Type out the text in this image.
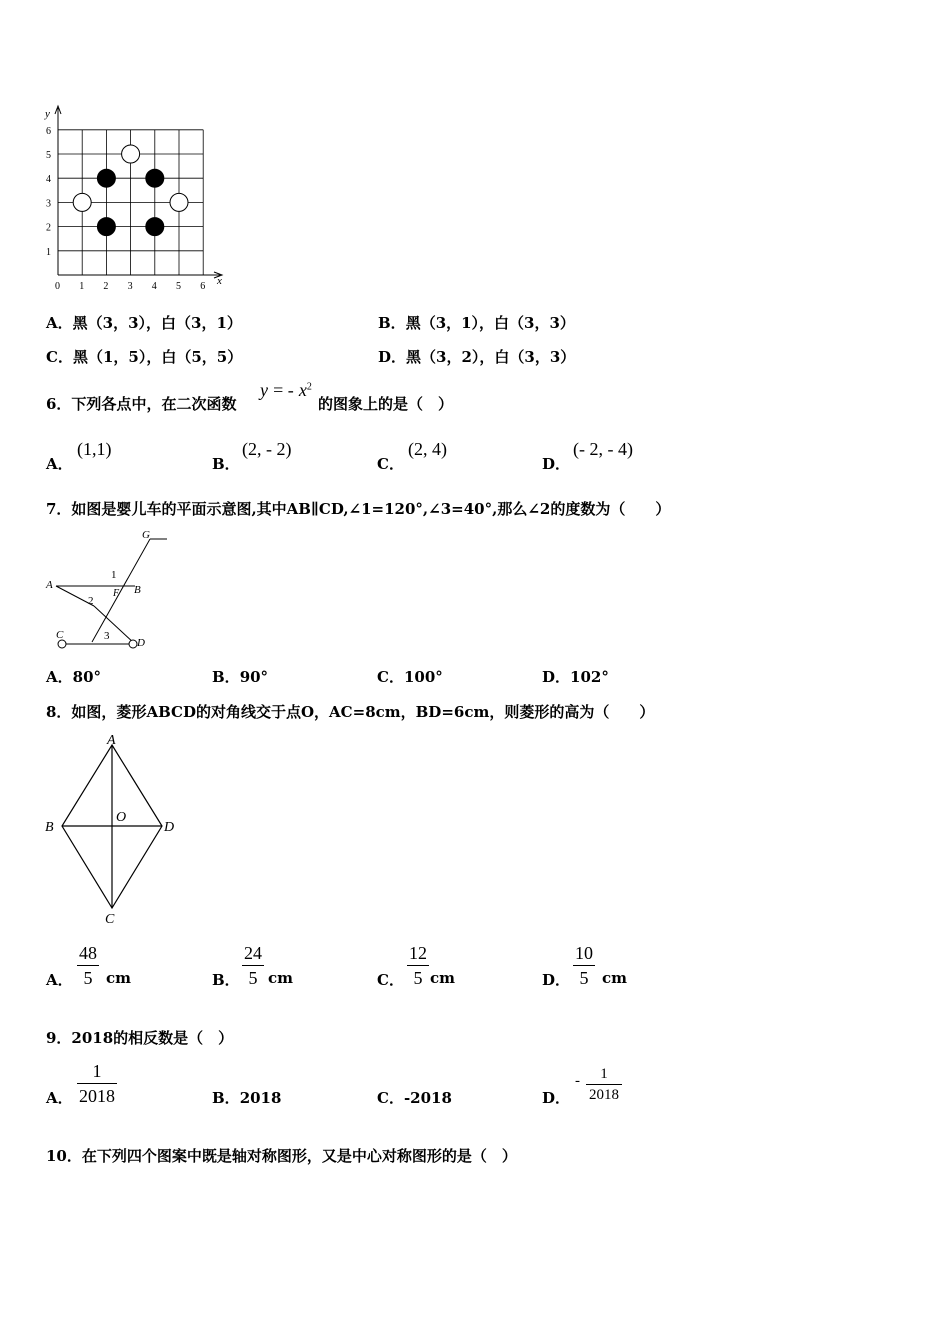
y
x
0 1 2 3 4 5 6
1
2
3
4
5
6
A．黑（3，3），白（3，1）	B．黑（3，1），白（3，3）
C．黑（1，5），白（5，5）	D．黑（3，2），白（3，3）
6．下列各点中，在二次函数
y = - $x^2$
的图象上的是（　）
A．
(1,1)
B．
(2, - 2)
C．
(2, 4)
D．
(- 2, - 4)
7．如图是婴儿车的平面示意图,其中AB∥CD,∠1=120°,∠3=40°,那么∠2的度数为（　　）
G
A	B
F
C
D
1
2
3
A．80°	B．90°	C．100°	D．102°
8．如图，菱形ABCD的对角线交于点O，AC=8cm，BD=6cm，则菱形的高为（　　）
A
B
O
D
C
A．
48
5 cm	B．
24
5 cm	C．
12
5 cm	D．
10
5 cm
9．2018的相反数是（　）
A．
1
2018	B．2018	C．-2018	D．
-	1
2018
10．在下列四个图案中既是轴对称图形，又是中心对称图形的是（　）
